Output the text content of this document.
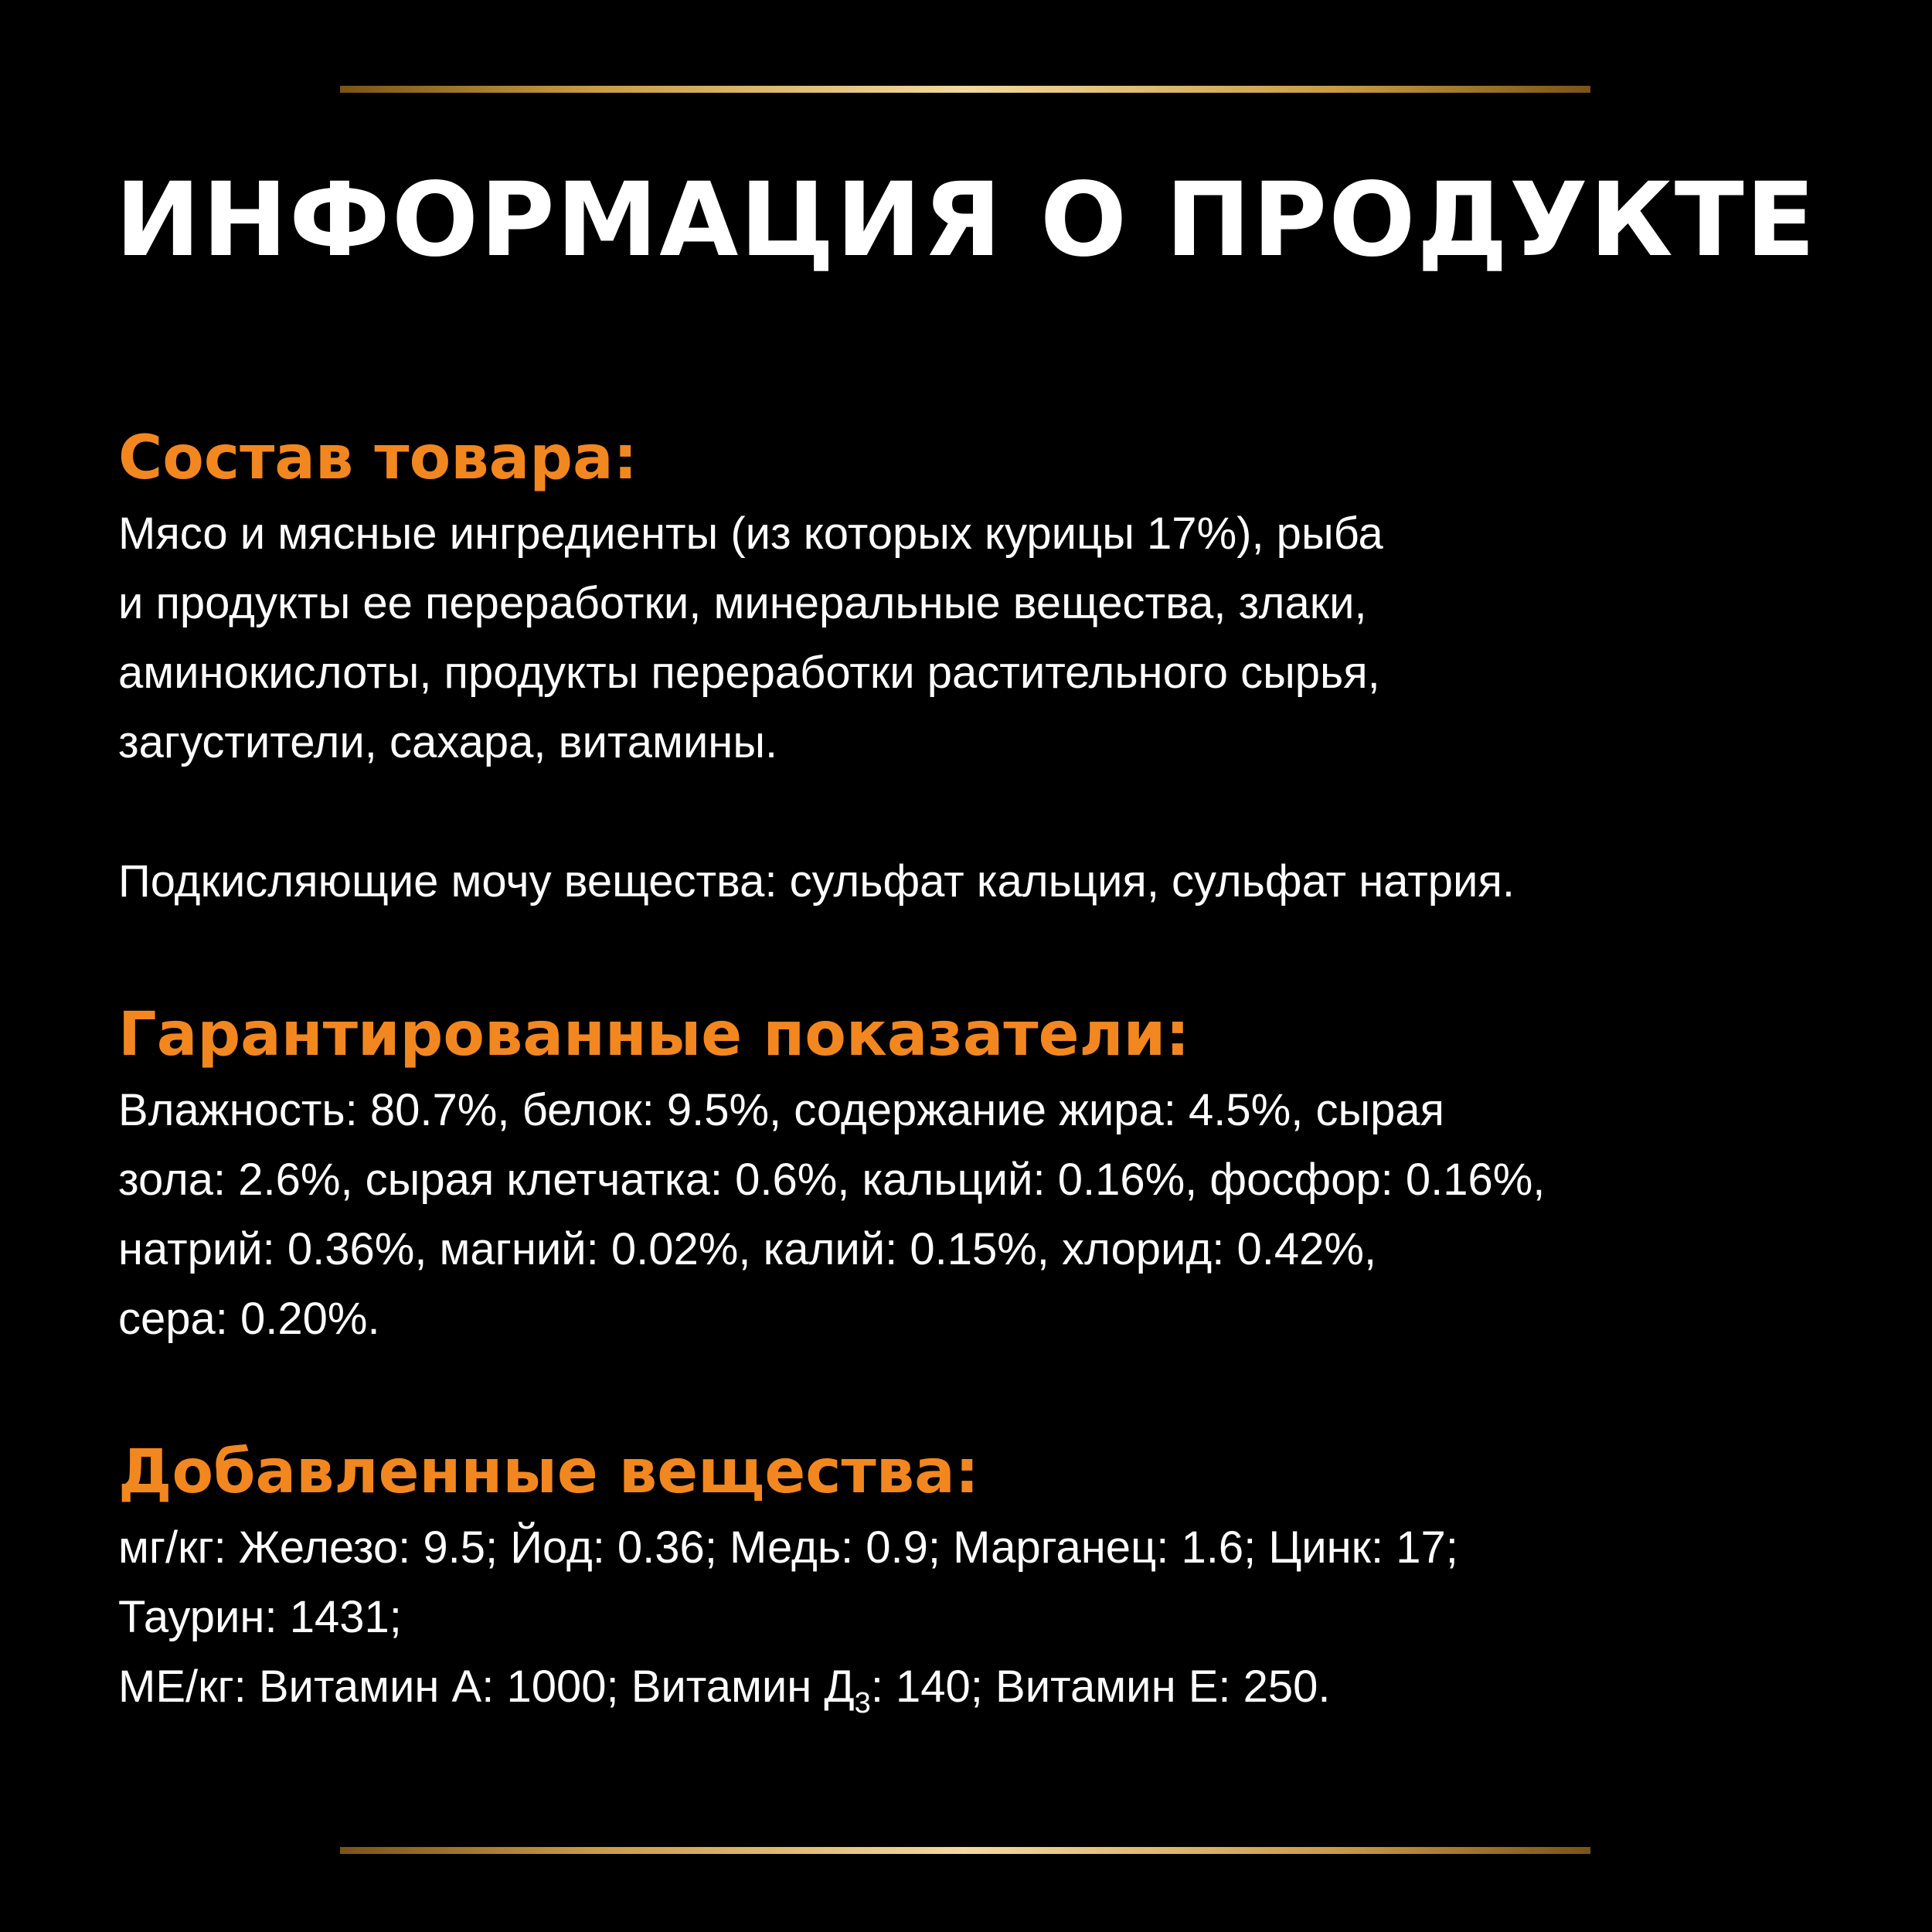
ИНФОРМАЦИЯ О ПРОДУКТЕ
Состав товара:

Мясо и мясные ингредиенты (из которых курицы 17%), рыба
и продукты ее переработки, минеральные вещества, злаки,
аминокислоты, продукты переработки растительного сырья,
загустители, сахара, витамины.

Подкисляющие мочу вещества: сульфат кальция, сульфат натрия.

Гарантированные показатели:

Влажность: 80.7%, белок: 9.5%, содержание жира: 4.5%, сырая
зола: 2.6%, сырая клетчатка: 0.6%, кальций: 0.16%, фосфор: 0.16%,
натрий: 0.36%, магний: 0.02%, калий: 0.15%, хлорид: 0.42%,
сера: 0.20%.

Добавленные вещества:

мг/кг: Железо: 9.5; Йод: 0.36; Медь: 0.9; Марганец: 1.6; Цинк: 17;
Таурин: 1431;
МЕ/кг: Витамин А: 1000; Витамин $Д_3$: 140; Витамин Е: 250.
